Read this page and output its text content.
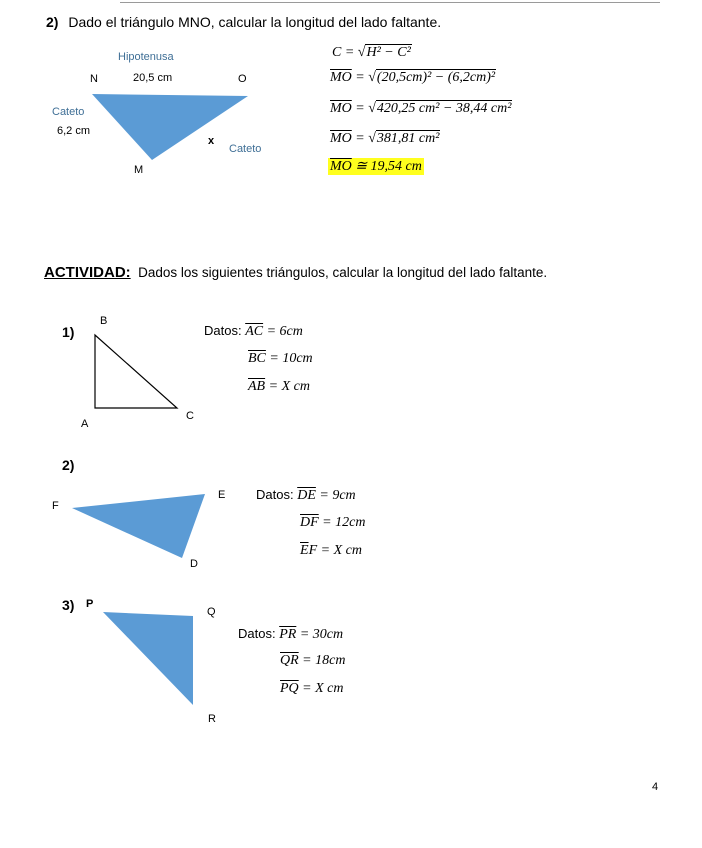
2) Dado el triángulo MNO, calcular la longitud del lado faltante.
Hipotenusa
N	20,5 cm	O
Cateto
6,2 cm
x
Cateto
M
C = √H² − C²
$\overline{MO} = √(20,5cm)^2 - (6,2cm)^2$
$\overline{MO} = √420,25$ cm² − 38,44 cm²
$\overline{MO} = √381,81$ cm²
$\overline{MO}$ ≅ 19,54 cm
ACTIVIDAD: Dados los siguientes triángulos, calcular la longitud del lado faltante.
1)
B
A
C
Datos: $\overline{AC} = 6cm$
$\overline{BC} = 10cm$
$\overline{AB} = X$ cm
2)
F
E
D
Datos: $\overline{DE} = 9cm$
$\overline{DF} = 12cm$
$\overline{E}F = X$ cm
3) P
Q
R
Datos: $\overline{PR} = 30cm$
$\overline{QR} = 18cm$
$\overline{PQ} = X$ cm
4
